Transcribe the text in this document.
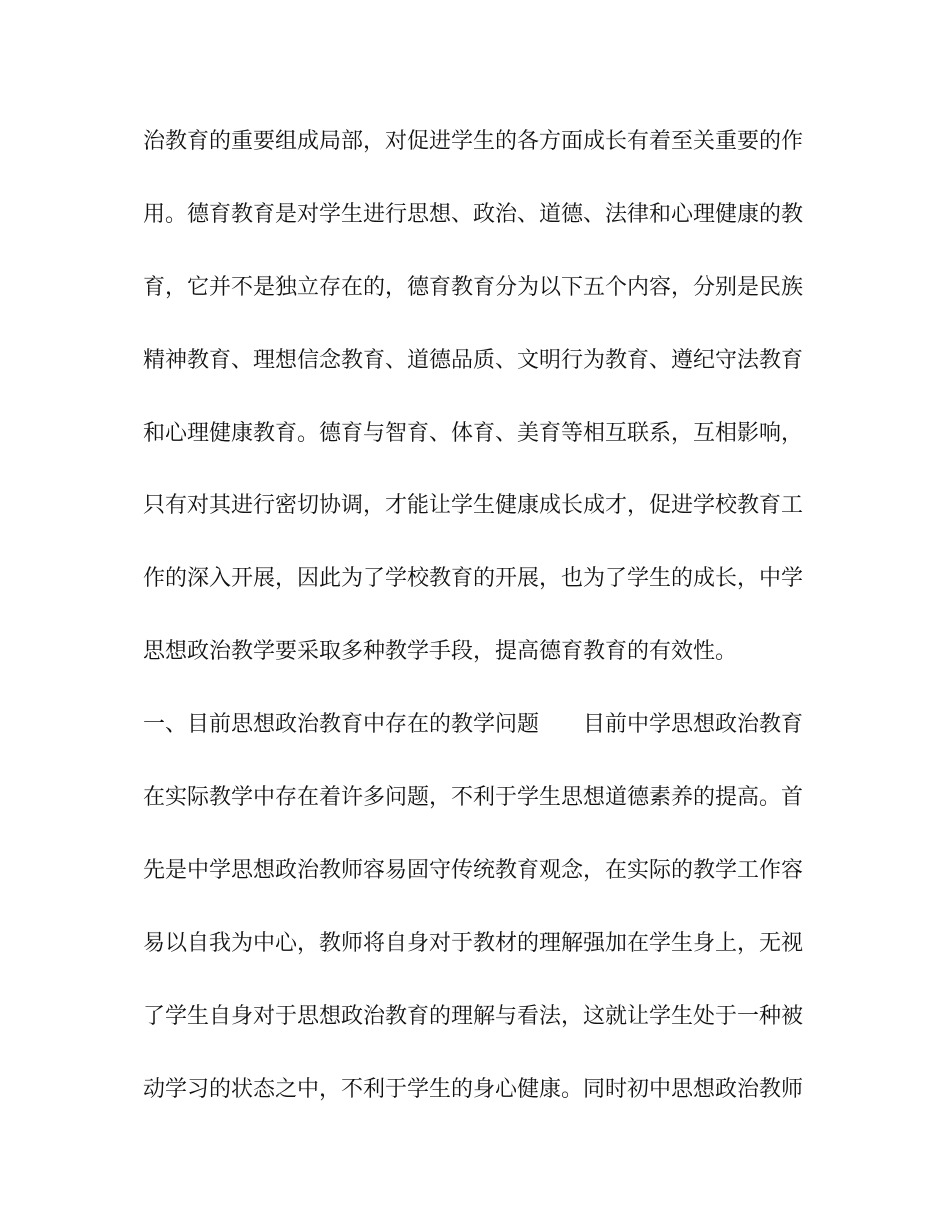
治教育的重要组成局部，对促进学生的各方面成长有着至关重要的作
用。德育教育是对学生进行思想、政治、道德、法律和心理健康的教
育，它并不是独立存在的，德育教育分为以下五个内容，分别是民族
精神教育、理想信念教育、道德品质、文明行为教育、遵纪守法教育
和心理健康教育。德育与智育、体育、美育等相互联系，互相影响，
只有对其进行密切协调，才能让学生健康成长成才，促进学校教育工
作的深入开展，因此为了学校教育的开展，也为了学生的成长，中学
思想政治教学要采取多种教学手段，提高德育教育的有效性。
一、目前思想政治教育中存在的教学问题 目前中学思想政治教育
在实际教学中存在着许多问题，不利于学生思想道德素养的提高。首
先是中学思想政治教师容易固守传统教育观念，在实际的教学工作容
易以自我为中心，教师将自身对于教材的理解强加在学生身上，无视
了学生自身对于思想政治教育的理解与看法，这就让学生处于一种被
动学习的状态之中，不利于学生的身心健康。同时初中思想政治教师
